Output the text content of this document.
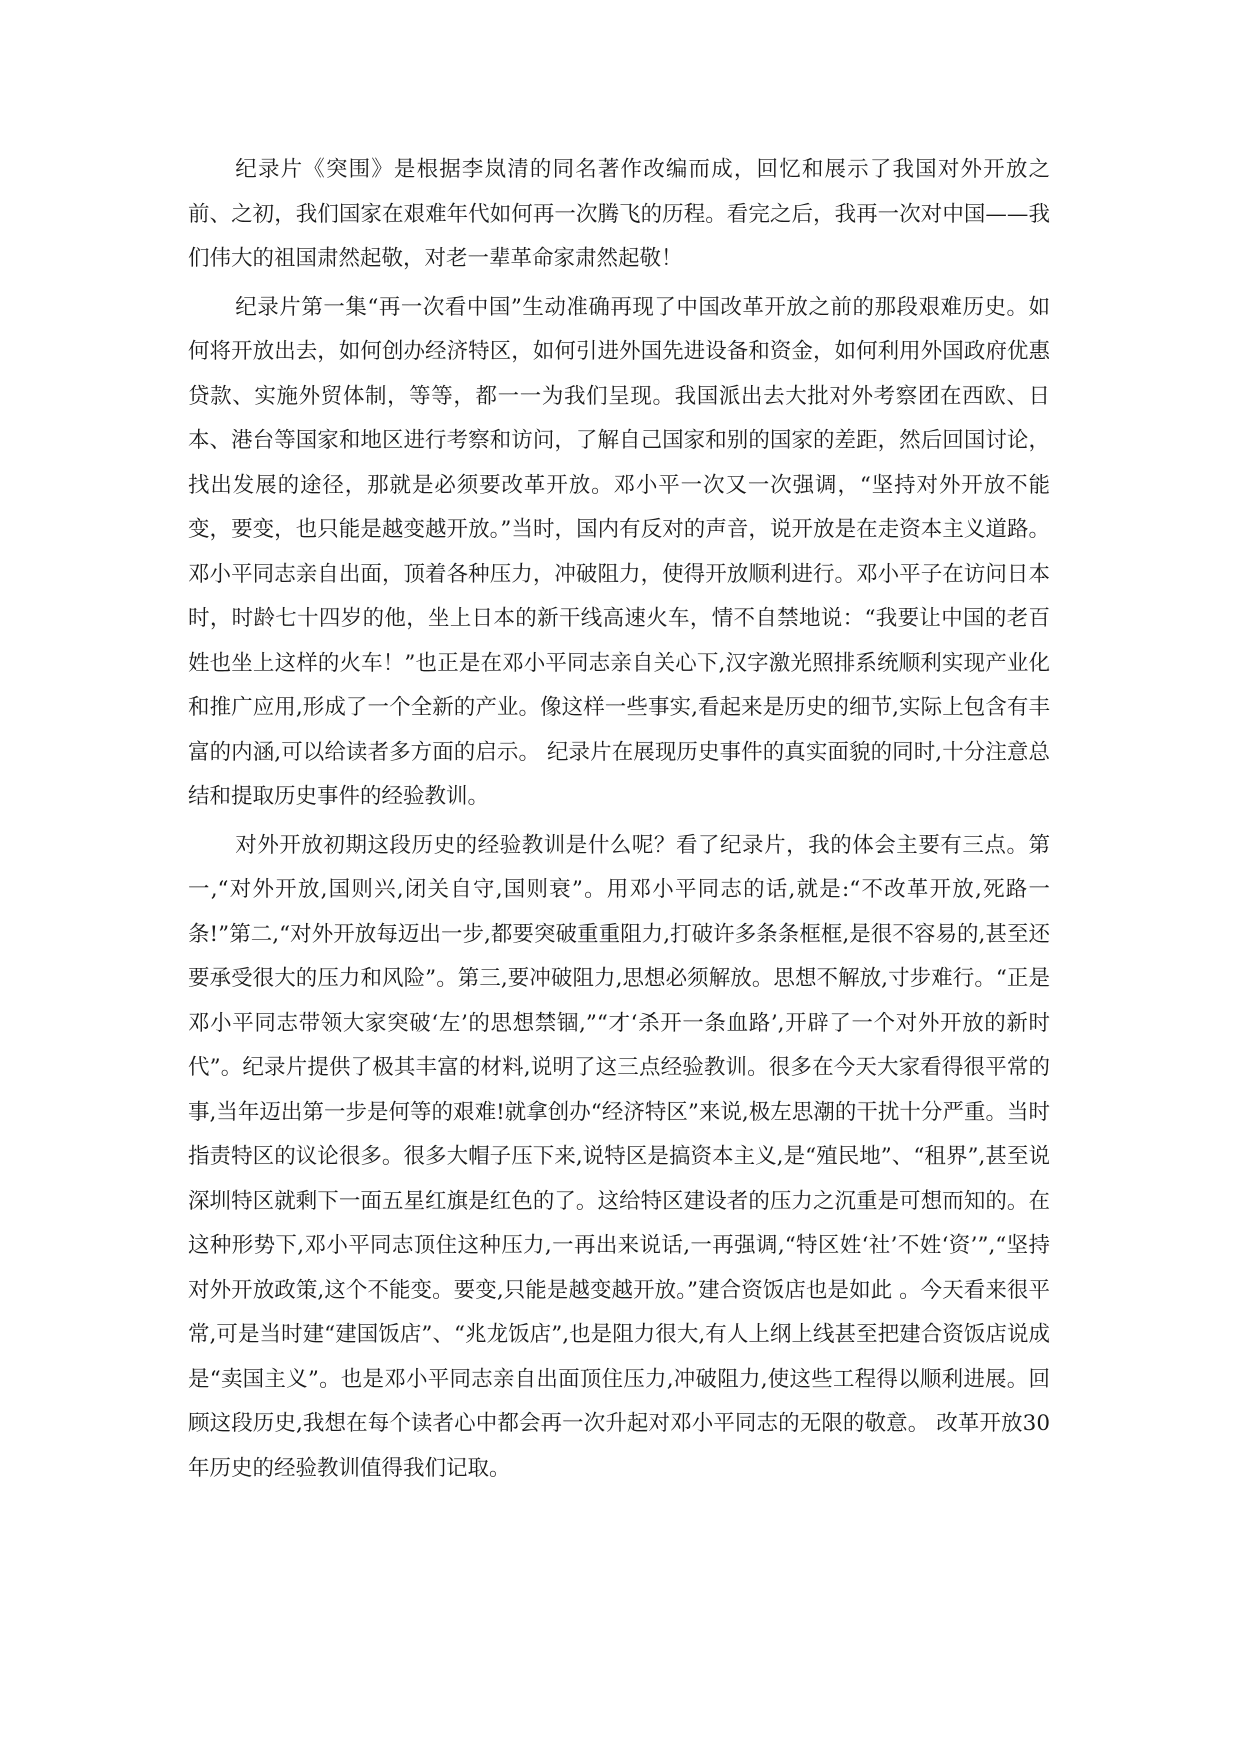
纪录片《突围》是根据李岚清的同名著作改编而成，回忆和展示了我国对外开放之前、之初，我们国家在艰难年代如何再一次腾飞的历程。看完之后，我再一次对中国——我们伟大的祖国肃然起敬，对老一辈革命家肃然起敬！

纪录片第一集“再一次看中国”生动准确再现了中国改革开放之前的那段艰难历史。如何将开放出去，如何创办经济特区，如何引进外国先进设备和资金，如何利用外国政府优惠贷款、实施外贸体制，等等，都一一为我们呈现。我国派出去大批对外考察团在西欧、日本、港台等国家和地区进行考察和访问，了解自己国家和别的国家的差距，然后回国讨论，找出发展的途径，那就是必须要改革开放。邓小平一次又一次强调，“坚持对外开放不能变，要变，也只能是越变越开放。”当时，国内有反对的声音，说开放是在走资本主义道路。邓小平同志亲自出面，顶着各种压力，冲破阻力，使得开放顺利进行。邓小平子在访问日本时，时龄七十四岁的他，坐上日本的新干线高速火车，情不自禁地说：“我要让中国的老百姓也坐上这样的火车！”也正是在邓小平同志亲自关心下,汉字激光照排系统顺利实现产业化和推广应用,形成了一个全新的产业。像这样一些事实,看起来是历史的细节,实际上包含有丰富的内涵,可以给读者多方面的启示。 纪录片在展现历史事件的真实面貌的同时,十分注意总结和提取历史事件的经验教训。

对外开放初期这段历史的经验教训是什么呢？看了纪录片，我的体会主要有三点。第一,“对外开放,国则兴,闭关自守,国则衰”。用邓小平同志的话,就是:“不改革开放,死路一条!”第二,“对外开放每迈出一步,都要突破重重阻力,打破许多条条框框,是很不容易的,甚至还要承受很大的压力和风险”。第三,要冲破阻力,思想必须解放。思想不解放,寸步难行。“正是邓小平同志带领大家突破‘左’的思想禁锢,”“才‘杀开一条血路’,开辟了一个对外开放的新时代”。纪录片提供了极其丰富的材料,说明了这三点经验教训。很多在今天大家看得很平常的事,当年迈出第一步是何等的艰难!就拿创办“经济特区”来说,极左思潮的干扰十分严重。当时指责特区的议论很多。很多大帽子压下来,说特区是搞资本主义,是“殖民地”、“租界”,甚至说深圳特区就剩下一面五星红旗是红色的了。这给特区建设者的压力之沉重是可想而知的。在这种形势下,邓小平同志顶住这种压力,一再出来说话,一再强调,“特区姓‘社’不姓‘资’”,“坚持对外开放政策,这个不能变。要变,只能是越变越开放。”建合资饭店也是如此 。今天看来很平常,可是当时建“建国饭店”、“兆龙饭店”,也是阻力很大,有人上纲上线甚至把建合资饭店说成是“卖国主义”。也是邓小平同志亲自出面顶住压力,冲破阻力,使这些工程得以顺利进展。回顾这段历史,我想在每个读者心中都会再一次升起对邓小平同志的无限的敬意。 改革开放30年历史的经验教训值得我们记取。
